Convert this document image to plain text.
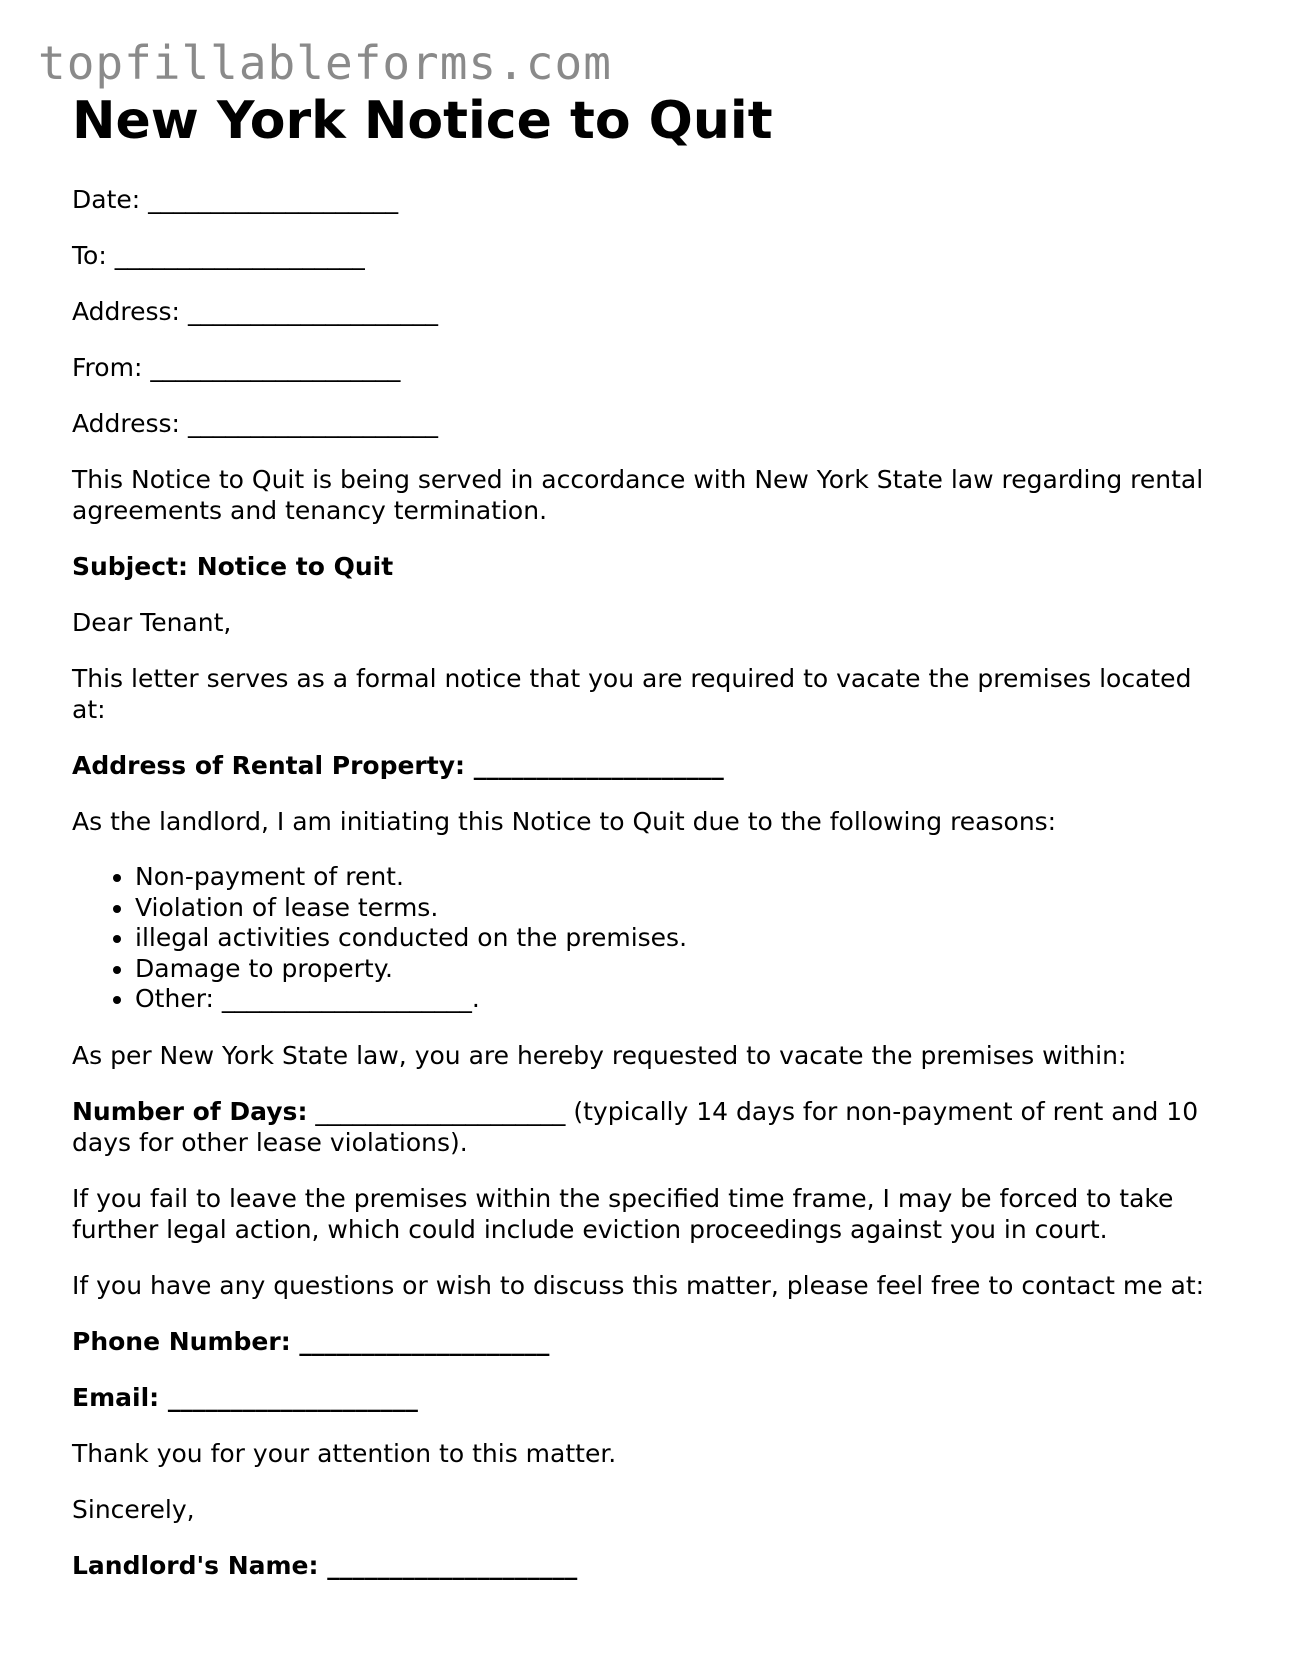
topfillableforms.com
New York Notice to Quit
Date: ____________________
To: ____________________
Address: ____________________
From: ____________________
Address: ____________________

This Notice to Quit is being served in accordance with New York State law regarding rental agreements and tenancy termination.

Subject: Notice to Quit

Dear Tenant,

This letter serves as a formal notice that you are required to vacate the premises located at:

Address of Rental Property: ____________________

As the landlord, I am initiating this Notice to Quit due to the following reasons:

• Non-payment of rent.
• Violation of lease terms.
• illegal activities conducted on the premises.
• Damage to property.
• Other: ____________________.

As per New York State law, you are hereby requested to vacate the premises within:

Number of Days: ____________________ (typically 14 days for non-payment of rent and 10 days for other lease violations).

If you fail to leave the premises within the specified time frame, I may be forced to take further legal action, which could include eviction proceedings against you in court.

If you have any questions or wish to discuss this matter, please feel free to contact me at:

Phone Number: ____________________
Email: ____________________

Thank you for your attention to this matter.

Sincerely,

Landlord's Name: ____________________
